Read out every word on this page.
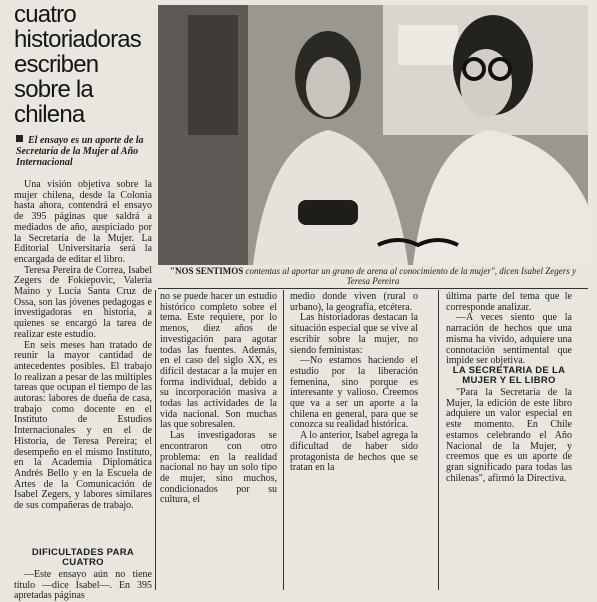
cuatro historiadoras escriben sobre la chilena
El ensayo es un aporte de la Secretaría de la Mujer al Año Internacional
"NOS SENTIMOS contentas al aportar un grano de arena al conocimiento de la mujer", dicen Isabel Zegers y Teresa Pereira

Una visión objetiva sobre la mujer chilena, desde la Colonia hasta ahora, contendrá el ensayo de 395 páginas que saldrá a mediados de año, auspiciado por la Secretaría de la Mujer. La Editorial Universitaria será la encargada de editar el libro.

Teresa Pereira de Correa, Isabel Zegers de Fokiepovic, Valeria Maino y Lucía Santa Cruz de Ossa, son las jóvenes pedagogas e investigadoras en historia, a quienes se encargó la tarea de realizar este estudio.

En seis meses han tratado de reunir la mayor cantidad de antecedentes posibles. El trabajo lo realizan a pesar de las múltiples tareas que ocupan el tiempo de las autoras: labores de dueña de casa, trabajo como docente en el Instituto de Estudios Internacionales y en el de Historia, de Teresa Pereira; el desempeño en el mismo Instituto, en la Academia Diplomática Andrés Bello y en la Escuela de Artes de la Comunicación de Isabel Zegers, y labores similares de sus compañeras de trabajo.

DIFICULTADES PARA CUATRO

—Este ensayo aún no tiene título —dice Isabel—. En 395 apretadas páginas

no se puede hacer un estudio histórico completo sobre el tema. Este requiere, por lo menos, diez años de investigación para agotar todas las fuentes. Además, en el caso del siglo XX, es difícil destacar a la mujer en forma individual, debido a su incorporación masiva a todas las actividades de la vida nacional. Son muchas las que sobresalen.

Las investigadoras se encontraron con otro problema: en la realidad nacional no hay un solo tipo de mujer, sino muchos, condicionados por su cultura, el

medio donde viven (rural o urbano), la geografía, etcétera.

Las historiadoras destacan la situación especial que se vive al escribir sobre la mujer, no siendo feministas:

—No estamos haciendo el estudio por la liberación femenina, sino porque es interesante y valioso. Creemos que va a ser un aporte a la chilena en general, para que se conozca su realidad histórica.

A lo anterior, Isabel agrega la dificultad de haber sido protagonista de hechos que se tratan en la

última parte del tema que le corresponde analizar.

—A veces siento que la narración de hechos que una misma ha vivido, adquiere una connotación sentimental que impide ser objetiva.

LA SECRETARIA DE LA MUJER Y EL LIBRO

"Para la Secretaría de la Mujer, la edición de este libro adquiere un valor especial en este momento. En Chile estamos celebrando el Año Nacional de la Mujer, y creemos que es un aporte de gran significado para todas las chilenas", afirmó la Directiva.
